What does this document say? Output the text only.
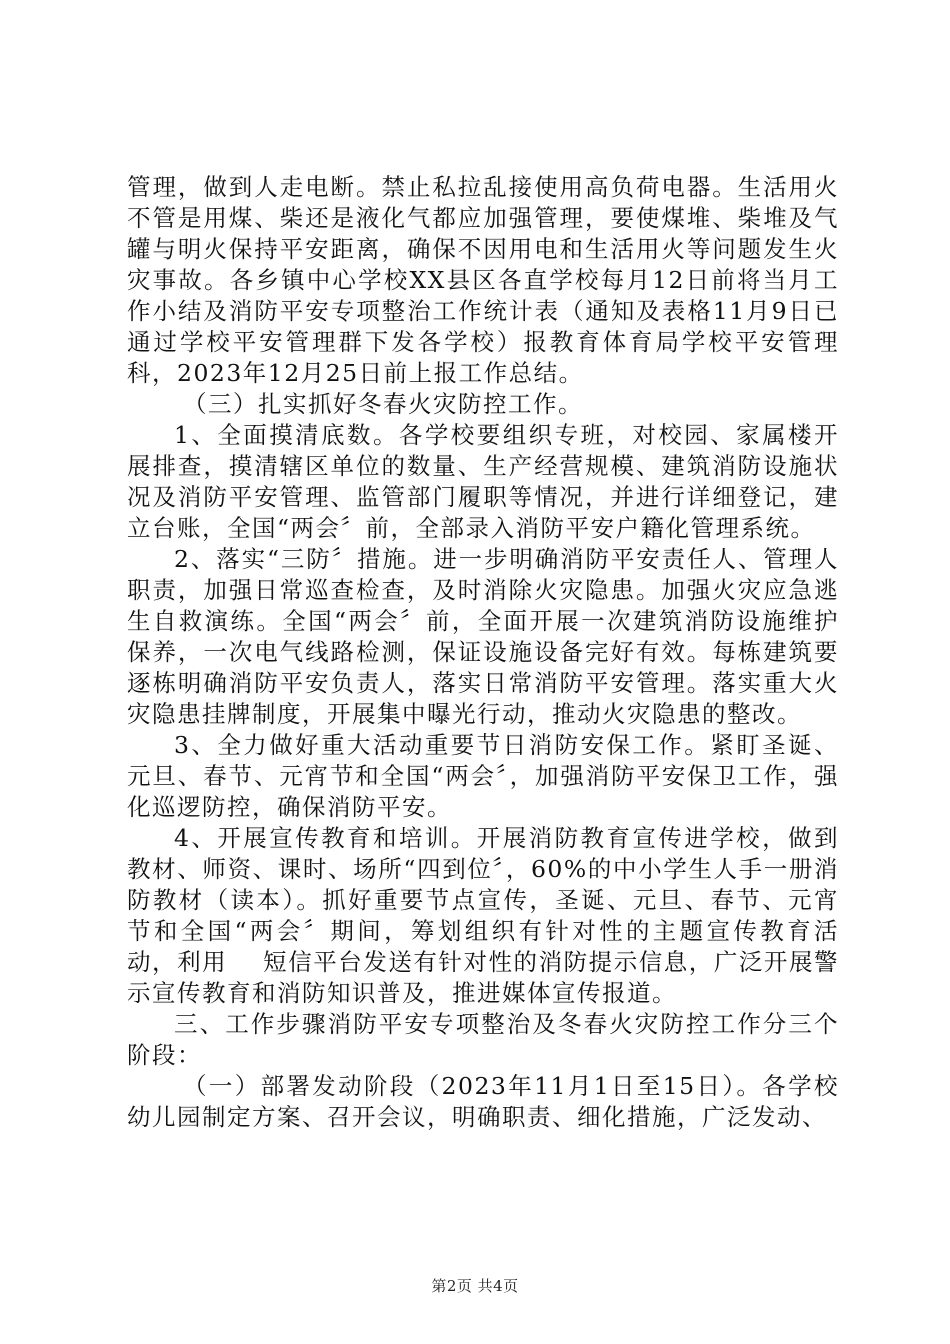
管理，做到人走电断。禁止私拉乱接使用高负荷电器。生活用火不管是用煤、柴还是液化气都应加强管理，要使煤堆、柴堆及气罐与明火保持平安距离，确保不因用电和生活用火等问题发生火灾事故。各乡镇中心学校XX县区各直学校每月12日前将当月工作小结及消防平安专项整治工作统计表（通知及表格11月9日已通过学校平安管理群下发各学校）报教育体育局学校平安管理科，2023年12月25日前上报工作总结。

（三）扎实抓好冬春火灾防控工作。

1、全面摸清底数。各学校要组织专班，对校园、家属楼开展排查，摸清辖区单位的数量、生产经营规模、建筑消防设施状况及消防平安管理、监管部门履职等情况，并进行详细登记，建立台账，全国“两会〞前，全部录入消防平安户籍化管理系统。

2、落实“三防〞措施。进一步明确消防平安责任人、管理人职责，加强日常巡查检查，及时消除火灾隐患。加强火灾应急逃生自救演练。全国“两会〞前，全面开展一次建筑消防设施维护保养，一次电气线路检测，保证设施设备完好有效。每栋建筑要逐栋明确消防平安负责人，落实日常消防平安管理。落实重大火灾隐患挂牌制度，开展集中曝光行动，推动火灾隐患的整改。

3、全力做好重大活动重要节日消防安保工作。紧盯圣诞、元旦、春节、元宵节和全国“两会〞，加强消防平安保卫工作，强化巡逻防控，确保消防平安。

4、开展宣传教育和培训。开展消防教育宣传进学校，做到教材、师资、课时、场所“四到位〞，60%的中小学生人手一册消防教材（读本）。抓好重要节点宣传，圣诞、元旦、春节、元宵节和全国“两会〞期间，筹划组织有针对性的主题宣传教育活动，利用    短信平台发送有针对性的消防提示信息，广泛开展警示宣传教育和消防知识普及，推进媒体宣传报道。

三、工作步骤消防平安专项整治及冬春火灾防控工作分三个阶段：

（一）部署发动阶段（2023年11月1日至15日）。各学校幼儿园制定方案、召开会议，明确职责、细化措施，广泛发动、

第2页 共4页
